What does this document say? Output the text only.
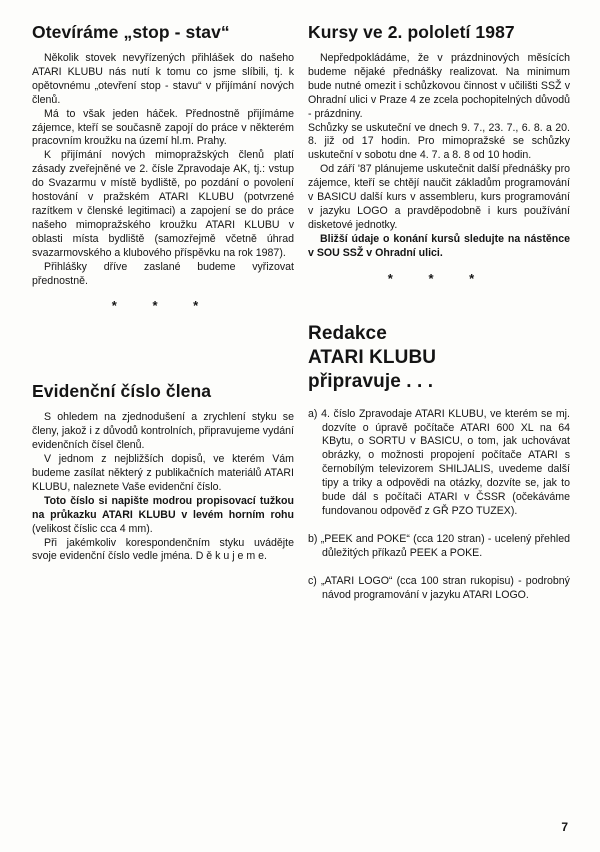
Otevíráme „stop - stav“

Několik stovek nevyřízených přihlášek do našeho ATARI KLUBU nás nutí k tomu co jsme slíbili, tj. k opětovnému „otevření stop - stavu“ v přijímání nových členů.

Má to však jeden háček. Přednostně přijímáme zájemce, kteří se současně zapojí do práce v některém pracovním kroužku na území hl.m. Prahy.

K přijímání nových mimopražských členů platí zásady zveřejněné ve 2. čísle Zpravodaje AK, tj.: vstup do Svazarmu v místě bydliště, po pozdání o povolení hostování v pražském ATARI KLUBU (potvrzené razítkem v členské legitimaci) a zapojení se do práce našeho mimopražského kroužku ATARI KLUBU v oblasti místa bydliště (samozřejmě včetně úhrad svazarmovského a klubového příspěvku na rok 1987).

Přihlášky dříve zaslané budeme vyřizovat přednostně.

* * *
Evidenční číslo člena

S ohledem na zjednodušení a zrychlení styku se členy, jakož i z důvodů kontrolních, připravujeme vydání evidenčních čísel členů.

V jednom z nejbližších dopisů, ve kterém Vám budeme zasílat některý z publikačních materiálů ATARI KLUBU, naleznete Vaše evidenční číslo.

Toto číslo si napište modrou propisovací tužkou na průkazku ATARI KLUBU v levém horním rohu (velikost číslic cca 4 mm).

Při jakémkoliv korespondenčním styku uvádějte svoje evidenční číslo vedle jména. D ě k u j e m e.

Kursy ve 2. pololetí 1987

Nepředpokládáme, že v prázdninových měsících budeme nějaké přednášky realizovat. Na minimum bude nutné omezit i schůzkovou činnost v učilišti SSŽ v Ohradní ulici v Praze 4 ze zcela pochopitelných důvodů - prázdniny.

Schůzky se uskuteční ve dnech 9. 7., 23. 7., 6. 8. a 20. 8. již od 17 hodin. Pro mimopražské se schůzky uskuteční v sobotu dne 4. 7. a 8. 8 od 10 hodin.

Od září '87 plánujeme uskutečnit další přednášky pro zájemce, kteří se chtějí naučit základům programování v BASICU další kurs v assembleru, kurs programování v jazyku LOGO a pravděpodobně i kurs používání disketové jednotky.

Bližší údaje o konání kursů sledujte na nástěnce v SOU SSŽ v Ohradní ulici.

* * *
Redakce
ATARI KLUBU
připravuje . . .

a) 4. číslo Zpravodaje ATARI KLUBU, ve kterém se mj. dozvíte o úpravě počítače ATARI 600 XL na 64 KBytu, o SORTU v BASICU, o tom, jak uchovávat obrázky, o možnosti propojení počítače ATARI s černobílým televizorem SHILJALIS, uvedeme další tipy a triky a odpovědi na otázky, dozvíte se, jak to bude dál s počítači ATARI v ČSSR (očekáváme fundovanou odpověď z GŘ PZO TUZEX).

b) „PEEK and POKE“ (cca 120 stran) - ucelený přehled důležitých příkazů PEEK a POKE.

c) „ATARI LOGO“ (cca 100 stran rukopisu) - podrobný návod programování v jazyku ATARI LOGO.

7
